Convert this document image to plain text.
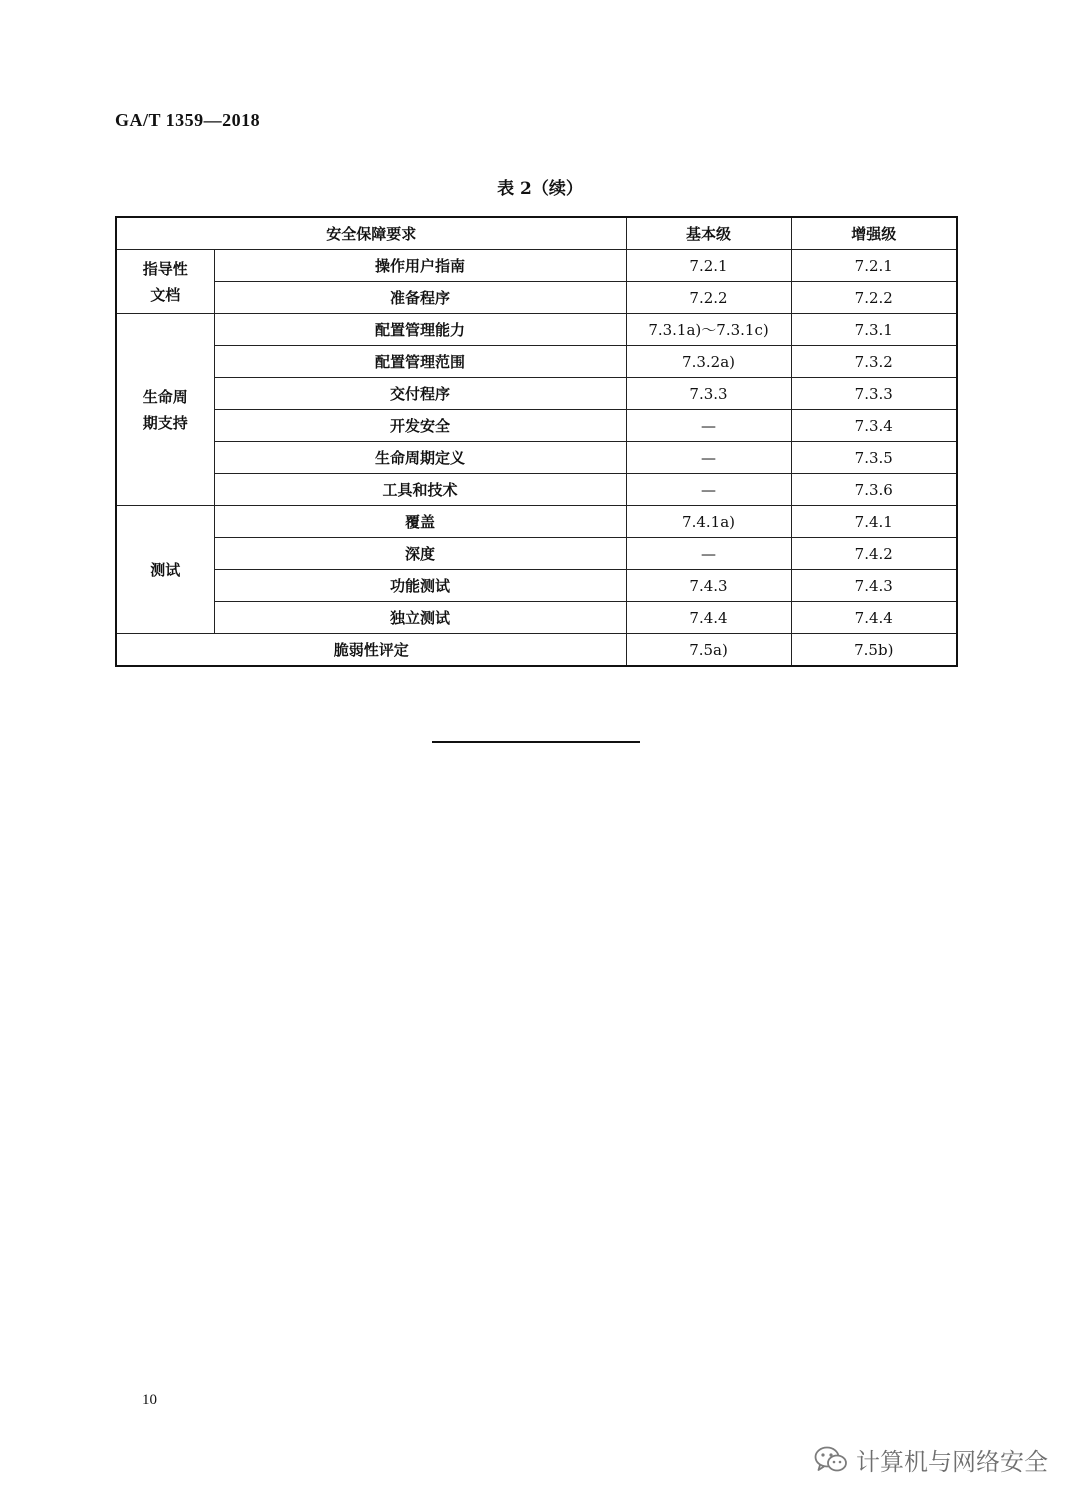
GA/T 1359—2018
表 2（续）
安全保障要求		基本级	增强级

指导性
文档	操作用户指南	7.2.1	7.2.1
	准备程序	7.2.2	7.2.2

生命周
期支持	配置管理能力	7.3.1a)～7.3.1c)	7.3.1
	配置管理范围	7.3.2a)	7.3.2
	交付程序	7.3.3	7.3.3
	开发安全	—	7.3.4
	生命周期定义	—	7.3.5
	工具和技术	—	7.3.6

测试	覆盖	7.4.1a)	7.4.1
	深度	—	7.4.2
	功能测试	7.4.3	7.4.3
	独立测试	7.4.4	7.4.4
脆弱性评定		7.5a)	7.5b)
10
计算机与网络安全
